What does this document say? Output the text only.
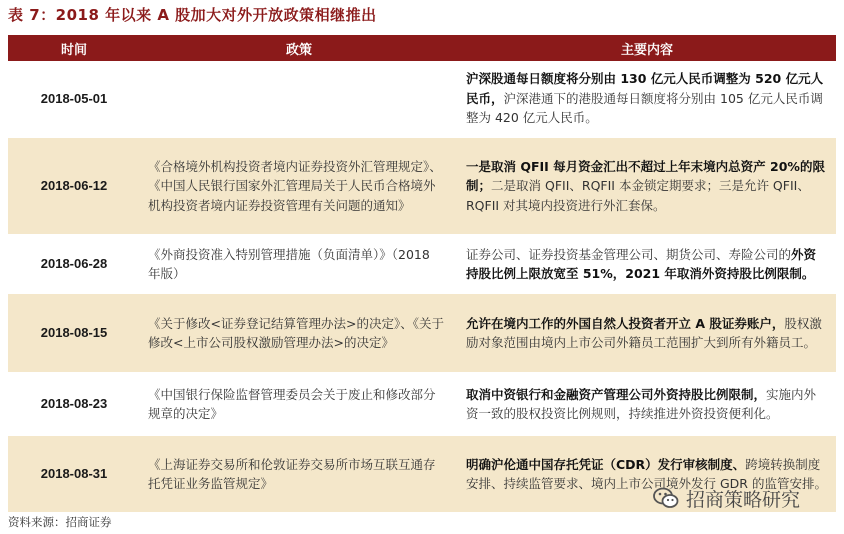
表 7：2018 年以来 A 股加大对外开放政策相继推出
时间	政策	主要内容
2018-05-01		沪深股通每日额度将分别由 130 亿元人民币调整为 520 亿元人民币，沪深港通下的港股通每日额度将分别由 105 亿元人民币调整为 420 亿元人民币。
2018-06-12	《合格境外机构投资者境内证券投资外汇管理规定》、《中国人民银行国家外汇管理局关于人民币合格境外机构投资者境内证券投资管理有关问题的通知》	一是取消 QFII 每月资金汇出不超过上年末境内总资产 20%的限制；二是取消 QFII、RQFII 本金锁定期要求；三是允许 QFII、RQFII 对其境内投资进行外汇套保。
2018-06-28	《外商投资准入特别管理措施（负面清单）》（2018 年版）	证券公司、证券投资基金管理公司、期货公司、寿险公司的外资持股比例上限放宽至 51%，2021 年取消外资持股比例限制。
2018-08-15	《关于修改<证券登记结算管理办法>的决定》、《关于修改<上市公司股权激励管理办法>的决定》	允许在境内工作的外国自然人投资者开立 A 股证券账户，股权激励对象范围由境内上市公司外籍员工范围扩大到所有外籍员工。
2018-08-23	《中国银行保险监督管理委员会关于废止和修改部分规章的决定》	取消中资银行和金融资产管理公司外资持股比例限制，实施内外资一致的股权投资比例规则，持续推进外资投资便利化。
2018-08-31	《上海证券交易所和伦敦证券交易所市场互联互通存托凭证业务监管规定》	明确沪伦通中国存托凭证（CDR）发行审核制度、跨境转换制度安排、持续监管要求、境内上市公司境外发行 GDR 的监管安排。
招商策略研究
资料来源：招商证券
